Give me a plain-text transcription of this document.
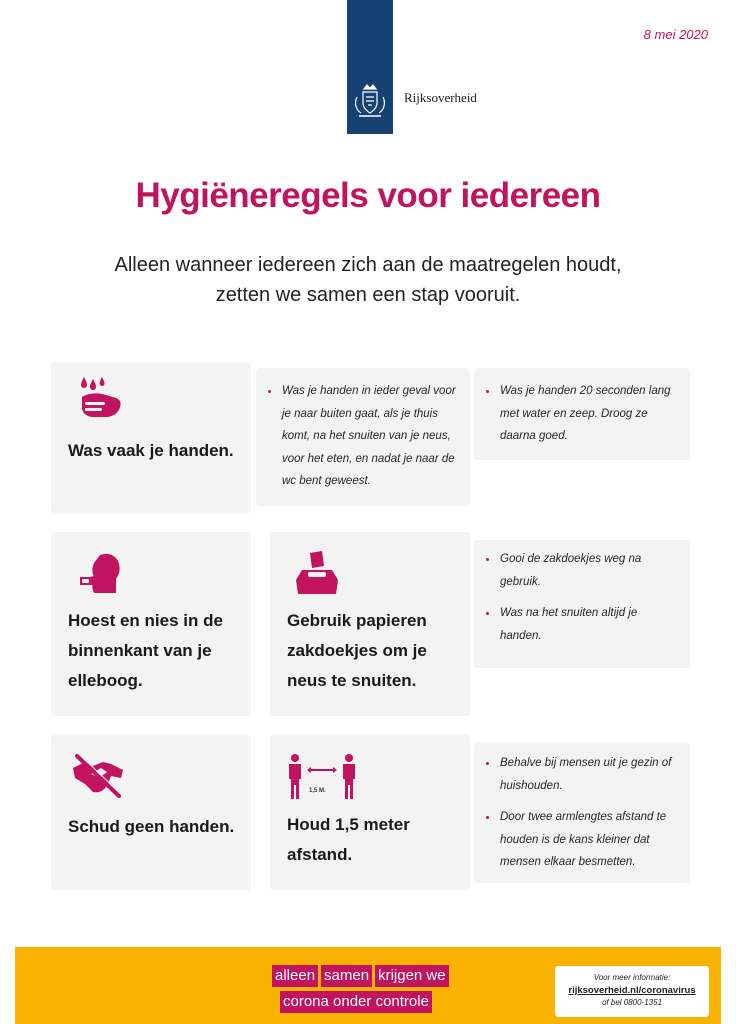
Rijksoverheid
8 mei 2020
Hygiëneregels voor iedereen
Alleen wanneer iedereen zich aan de maatregelen houdt,
zetten we samen een stap vooruit.
Was vaak je handen.
Was je handen in ieder geval voor je naar buiten gaat, als je thuis komt, na het snuiten van je neus, voor het eten, en nadat je naar de wc bent geweest.
Was je handen 20 seconden lang met water en zeep. Droog ze daarna goed.
Hoest en nies in de binnenkant van je elleboog.
Gebruik papieren zakdoekjes om je neus te snuiten.
Gooi de zakdoekjes weg na gebruik.
Was na het snuiten altijd je handen.
Schud geen handen.
1,5 M.
Houd 1,5 meter afstand.
Behalve bij mensen uit je gezin of huishouden.
Door twee armlengtes afstand te houden is de kans kleiner dat mensen elkaar besmetten.
alleen samen krijgen we
corona onder controle
Voor meer informatie:
rijksoverheid.nl/coronavirus
of bel 0800-1351
